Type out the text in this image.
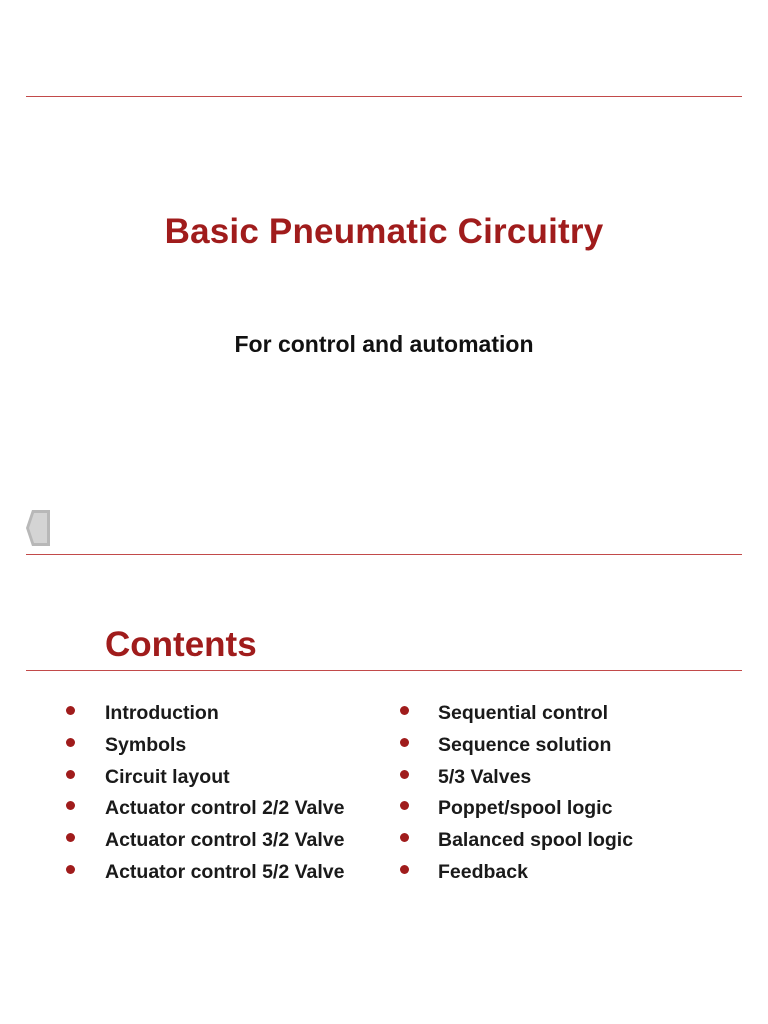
Basic Pneumatic Circuitry
For control and automation
Contents
Introduction
Symbols
Circuit layout
Actuator control 2/2 Valve
Actuator control 3/2 Valve
Actuator control 5/2 Valve
Sequential control
Sequence solution
5/3 Valves
Poppet/spool logic
Balanced spool logic
Feedback
